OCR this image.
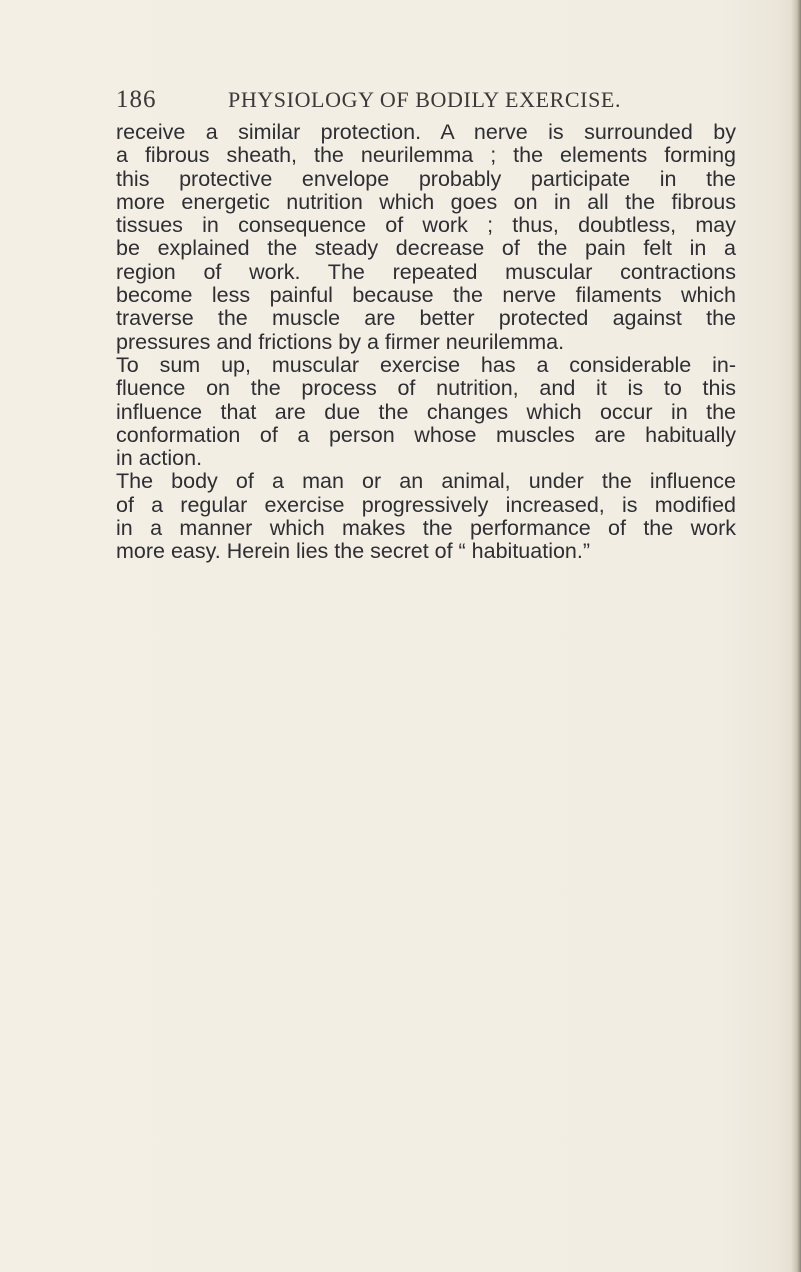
186	PHYSIOLOGY OF BODILY EXERCISE.
receive a similar protection. A nerve is surrounded by
a fibrous sheath, the neurilemma ; the elements forming
this protective envelope probably participate in the
more energetic nutrition which goes on in all the fibrous
tissues in consequence of work ; thus, doubtless, may
be explained the steady decrease of the pain felt in a
region of work. The repeated muscular contractions
become less painful because the nerve filaments which
traverse the muscle are better protected against the
pressures and frictions by a firmer neurilemma.
To sum up, muscular exercise has a considerable in-
fluence on the process of nutrition, and it is to this
influence that are due the changes which occur in the
conformation of a person whose muscles are habitually
in action.
The body of a man or an animal, under the influence
of a regular exercise progressively increased, is modified
in a manner which makes the performance of the work
more easy. Herein lies the secret of “ habituation.”
